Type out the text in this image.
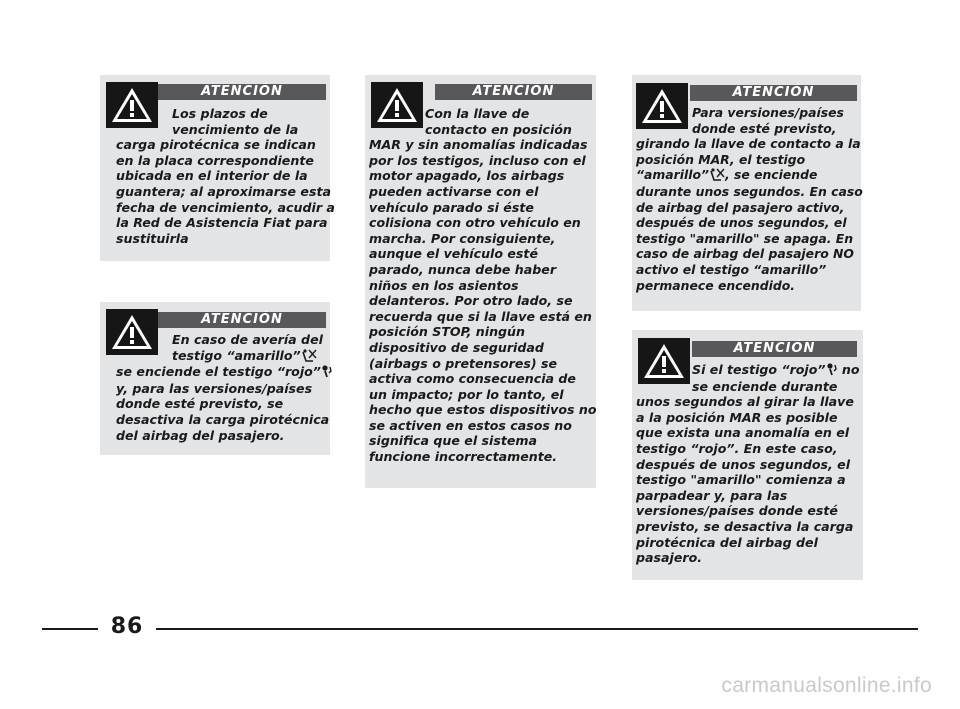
ATENCIÓN
Los plazos de
vencimiento de la
carga pirotécnica se indican
en la placa correspondiente
ubicada en el interior de la
guantera; al aproximarse esta
fecha de vencimiento, acudir a
la Red de Asistencia Fiat para
sustituirla
ATENCIÓN
En caso de avería del
testigo “amarillo”
se enciende el testigo “rojo”
y, para las versiones/países
donde esté previsto, se
desactiva la carga pirotécnica
del airbag del pasajero.
ATENCIÓN
Con la llave de
contacto en posición
MAR y sin anomalías indicadas
por los testigos, incluso con el
motor apagado, los airbags
pueden activarse con el
vehículo parado si éste
colisiona con otro vehículo en
marcha. Por consiguiente,
aunque el vehículo esté
parado, nunca debe haber
niños en los asientos
delanteros. Por otro lado, se
recuerda que si la llave está en
posición STOP, ningún
dispositivo de seguridad
(airbags o pretensores) se
activa como consecuencia de
un impacto; por lo tanto, el
hecho que estos dispositivos no
se activen en estos casos no
significa que el sistema
funcione incorrectamente.
ATENCIÓN
Para versiones/países
donde esté previsto,
girando la llave de contacto a la
posición MAR, el testigo
“amarillo” , se enciende
durante unos segundos. En caso
de airbag del pasajero activo,
después de unos segundos, el
testigo "amarillo" se apaga. En
caso de airbag del pasajero NO
activo el testigo “amarillo”
permanece encendido.
ATENCIÓN
Si el testigo “rojo” no
se enciende durante
unos segundos al girar la llave
a la posición MAR es posible
que exista una anomalía en el
testigo “rojo”. En este caso,
después de unos segundos, el
testigo "amarillo" comienza a
parpadear y, para las
versiones/países donde esté
previsto, se desactiva la carga
pirotécnica del airbag del
pasajero.
86
carmanualsonline.info
